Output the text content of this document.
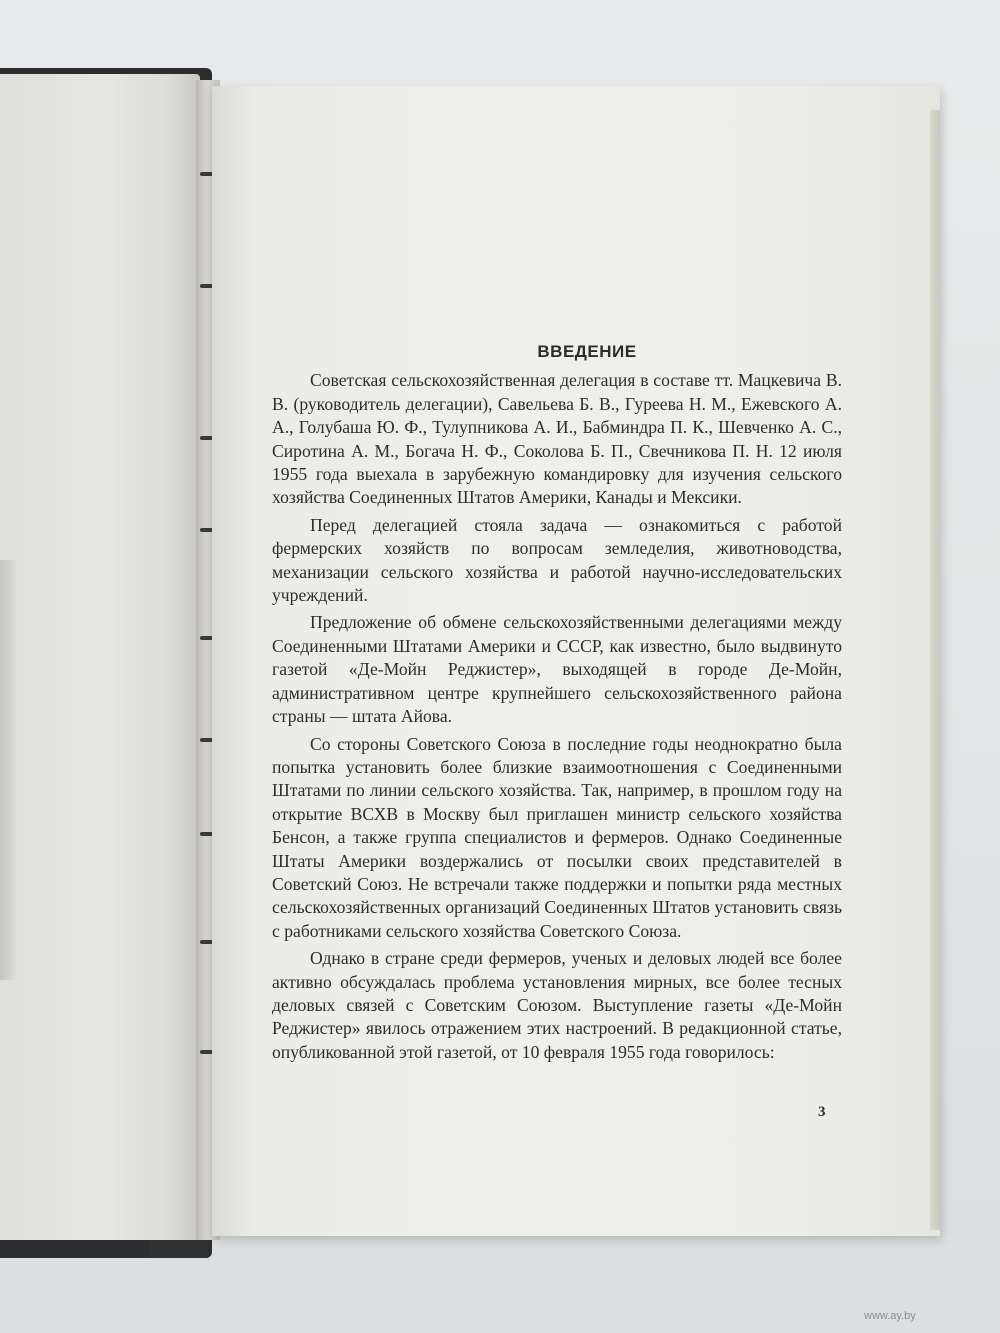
ВВЕДЕНИЕ

Советская сельскохозяйственная делегация в составе тт. Мацкевича В. В. (руководитель делегации), Савельева Б. В., Гуреева Н. М., Ежевского А. А., Голубаша Ю. Ф., Тулупникова А. И., Бабминдра П. К., Шевченко А. С., Сиротина А. М., Богача Н. Ф., Соколова Б. П., Свечникова П. Н. 12 июля 1955 года выехала в зарубежную командировку для изучения сельского хозяйства Соединенных Штатов Америки, Канады и Мексики.

Перед делегацией стояла задача — ознакомиться с работой фермерских хозяйств по вопросам земледелия, животноводства, механизации сельского хозяйства и работой научно-исследовательских учреждений.

Предложение об обмене сельскохозяйственными делегациями между Соединенными Штатами Америки и СССР, как известно, было выдвинуто газетой «Де-Мойн Реджистер», выходящей в городе Де-Мойн, административном центре крупнейшего сельскохозяйственного района страны — штата Айова.

Со стороны Советского Союза в последние годы неоднократно была попытка установить более близкие взаимоотношения с Соединенными Штатами по линии сельского хозяйства. Так, например, в прошлом году на открытие ВСХВ в Москву был приглашен министр сельского хозяйства Бенсон, а также группа специалистов и фермеров. Однако Соединенные Штаты Америки воздержались от посылки своих представителей в Советский Союз. Не встречали также поддержки и попытки ряда местных сельскохозяйственных организаций Соединенных Штатов установить связь с работниками сельского хозяйства Советского Союза.

Однако в стране среди фермеров, ученых и деловых людей все более активно обсуждалась проблема установления мирных, все более тесных деловых связей с Советским Союзом. Выступление газеты «Де-Мойн Реджистер» явилось отражением этих настроений. В редакционной статье, опубликованной этой газетой, от 10 февраля 1955 года говорилось:

3
www.ay.by
